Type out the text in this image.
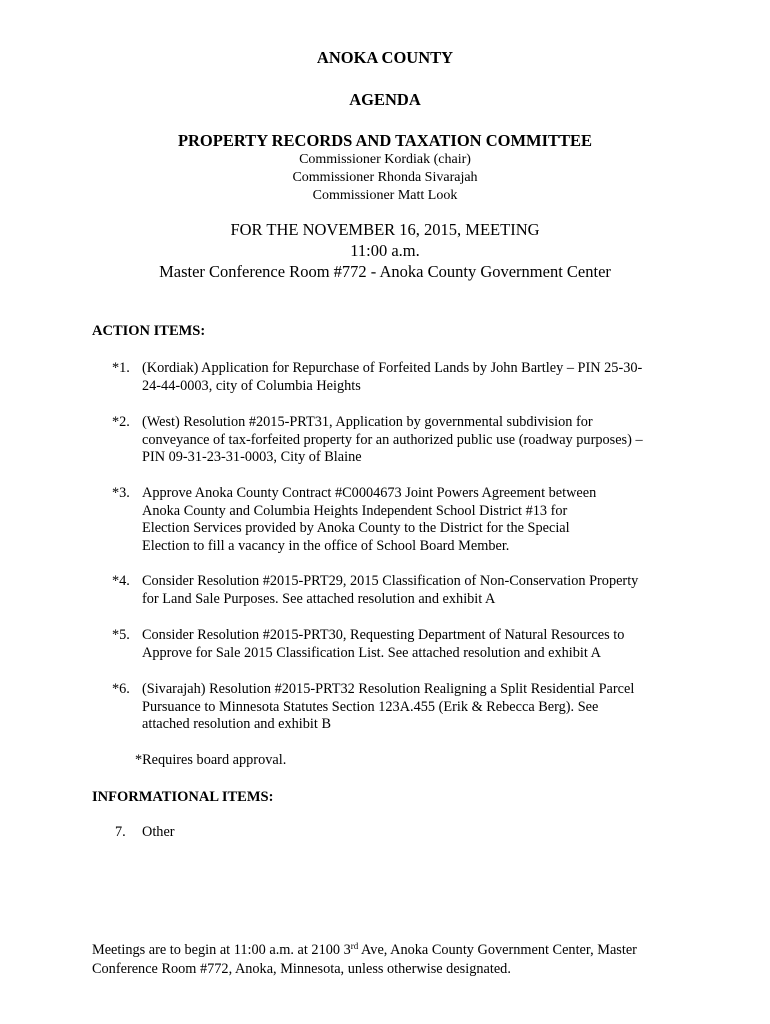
ANOKA COUNTY
AGENDA
PROPERTY RECORDS AND TAXATION COMMITTEE
Commissioner Kordiak (chair)
Commissioner Rhonda Sivarajah
Commissioner Matt Look
FOR THE NOVEMBER 16, 2015, MEETING
11:00 a.m.
Master Conference Room #772 - Anoka County Government Center
ACTION ITEMS:
*1. (Kordiak) Application for Repurchase of Forfeited Lands by John Bartley – PIN 25-30-
24-44-0003, city of Columbia Heights
*2. (West) Resolution #2015-PRT31, Application by governmental subdivision for
conveyance of tax-forfeited property for an authorized public use (roadway purposes) –
PIN 09-31-23-31-0003, City of Blaine
*3. Approve Anoka County Contract #C0004673 Joint Powers Agreement between
Anoka County and Columbia Heights Independent School District #13 for
Election Services provided by Anoka County to the District for the Special
Election to fill a vacancy in the office of School Board Member.
*4. Consider Resolution #2015-PRT29, 2015 Classification of Non-Conservation Property
for Land Sale Purposes. See attached resolution and exhibit A
*5. Consider Resolution #2015-PRT30, Requesting Department of Natural Resources to
Approve for Sale 2015 Classification List. See attached resolution and exhibit A
*6. (Sivarajah) Resolution #2015-PRT32 Resolution Realigning a Split Residential Parcel
Pursuance to Minnesota Statutes Section 123A.455 (Erik & Rebecca Berg). See
attached resolution and exhibit B
*Requires board approval.
INFORMATIONAL ITEMS:
7. Other
Meetings are to begin at 11:00 a.m. at 2100 3rd Ave, Anoka County Government Center, Master
Conference Room #772, Anoka, Minnesota, unless otherwise designated.
